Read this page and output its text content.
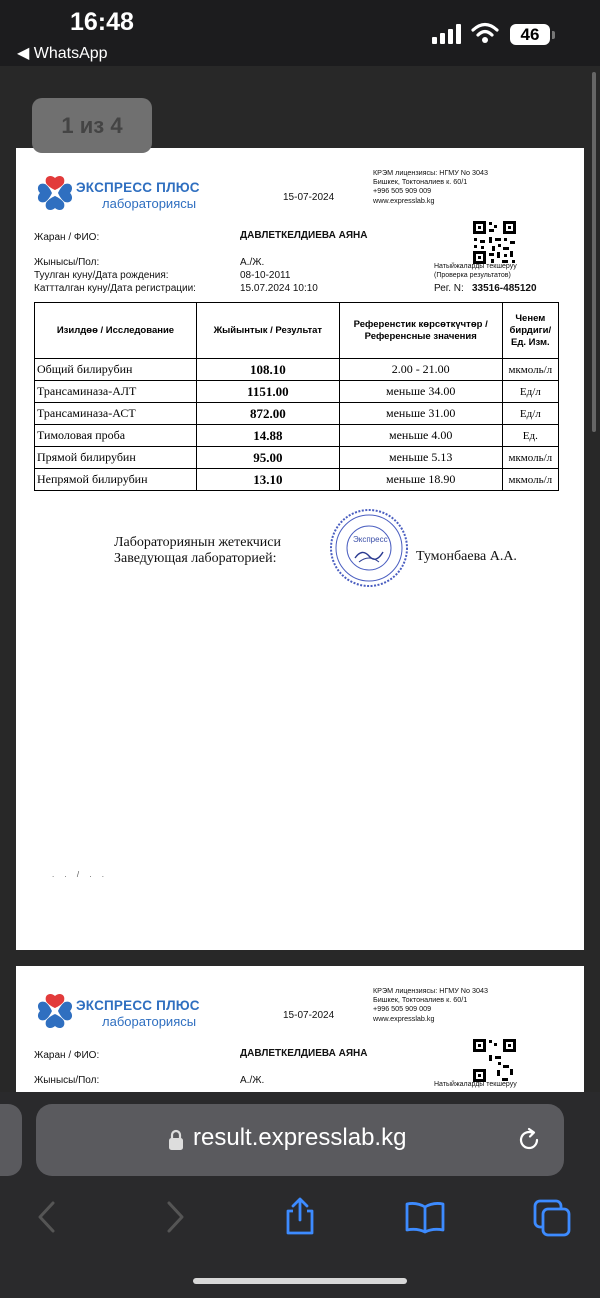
16:48
◀ WhatsApp
46
1 из 4
ЭКСПРЕСС ПЛЮС
лабораториясы	15-07-2024
КРЭМ лицензиясы: НГМУ No 3043
Бишкек, Токтоналиев к. 60/1
+996 505 909 009
www.expresslab.kg
Жаран / ФИО:	ДАВЛЕТКЕЛДИЕВА АЯНА
Жынысы/Пол:	А./Ж.
Туулган куну/Дата рождения:	08-10-2011
Каттталган куну/Дата регистрации:	15.07.2024 10:10
Натыйжаларды текшеруу
(Проверка результатов)
Рег. N: 33516-485120
Изилдөө / Исследование	Жыйынтык / Результат	Референстик көрсөткүчтөр / Референсные значения	Ченем бирдиги/ Ед. Изм.
Общий билирубин	108.10	2.00 - 21.00	мкмоль/л
Трансаминаза-АЛТ	1151.00	меньше 34.00	Ед/л
Трансаминаза-АСТ	872.00	меньше 31.00	Ед/л
Тимоловая проба	14.88	меньше 4.00	Ед.
Прямой билирубин	95.00	меньше 5.13	мкмоль/л
Непрямой билирубин	13.10	меньше 18.90	мкмоль/л
Лабораториянын жетекчиси
Заведующая лабораторией:
Экспресс
Тумонбаева А.А.
. . / . .
ЭКСПРЕСС ПЛЮС
лабораториясы	15-07-2024
КРЭМ лицензиясы: НГМУ No 3043
Бишкек, Токтоналиев к. 60/1
+996 505 909 009
www.expresslab.kg
Жаран / ФИО:	ДАВЛЕТКЕЛДИЕВА АЯНА
Жынысы/Пол:	А./Ж.	Натыйжаларды текшеруу
result.expresslab.kg
